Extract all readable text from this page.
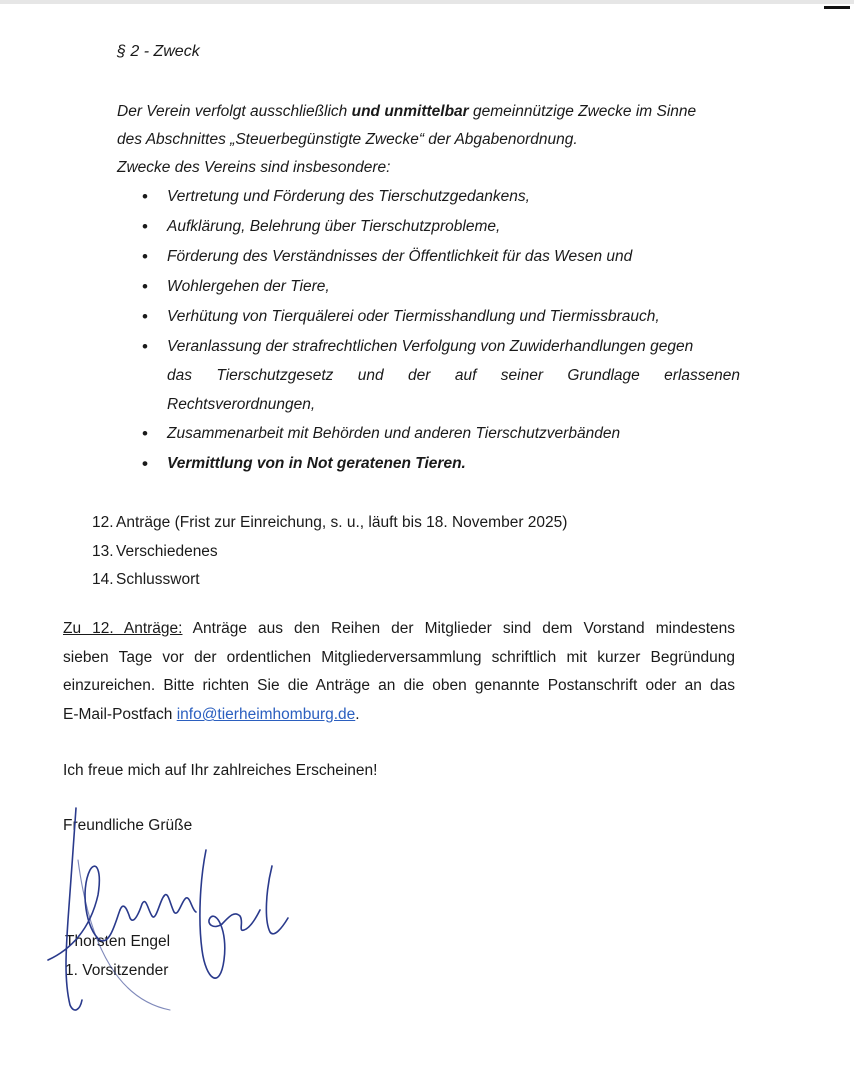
§ 2 - Zweck
Der Verein verfolgt ausschließlich und unmittelbar gemeinnützige Zwecke im Sinne
des Abschnittes „Steuerbegünstigte Zwecke“ der Abgabenordnung.
Zwecke des Vereins sind insbesondere:
• Vertretung und Förderung des Tierschutzgedankens,
• Aufklärung, Belehrung über Tierschutzprobleme,
• Förderung des Verständnisses der Öffentlichkeit für das Wesen und
• Wohlergehen der Tiere,
• Verhütung von Tierquälerei oder Tiermisshandlung und Tiermissbrauch,
• Veranlassung der strafrechtlichen Verfolgung von Zuwiderhandlungen gegen
das Tierschutzgesetz und der auf seiner Grundlage erlassenen
Rechtsverordnungen,
• Zusammenarbeit mit Behörden und anderen Tierschutzverbänden
• Vermittlung von in Not geratenen Tieren.
12. Anträge (Frist zur Einreichung, s. u., läuft bis 18. November 2025)
13. Verschiedenes
14. Schlusswort
Zu 12. Anträge: Anträge aus den Reihen der Mitglieder sind dem Vorstand mindestens
sieben Tage vor der ordentlichen Mitgliederversammlung schriftlich mit kurzer Begründung
einzureichen. Bitte richten Sie die Anträge an die oben genannte Postanschrift oder an das
E-Mail-Postfach info@tierheimhomburg.de.
Ich freue mich auf Ihr zahlreiches Erscheinen!
Freundliche Grüße
Thorsten Engel
1. Vorsitzender
